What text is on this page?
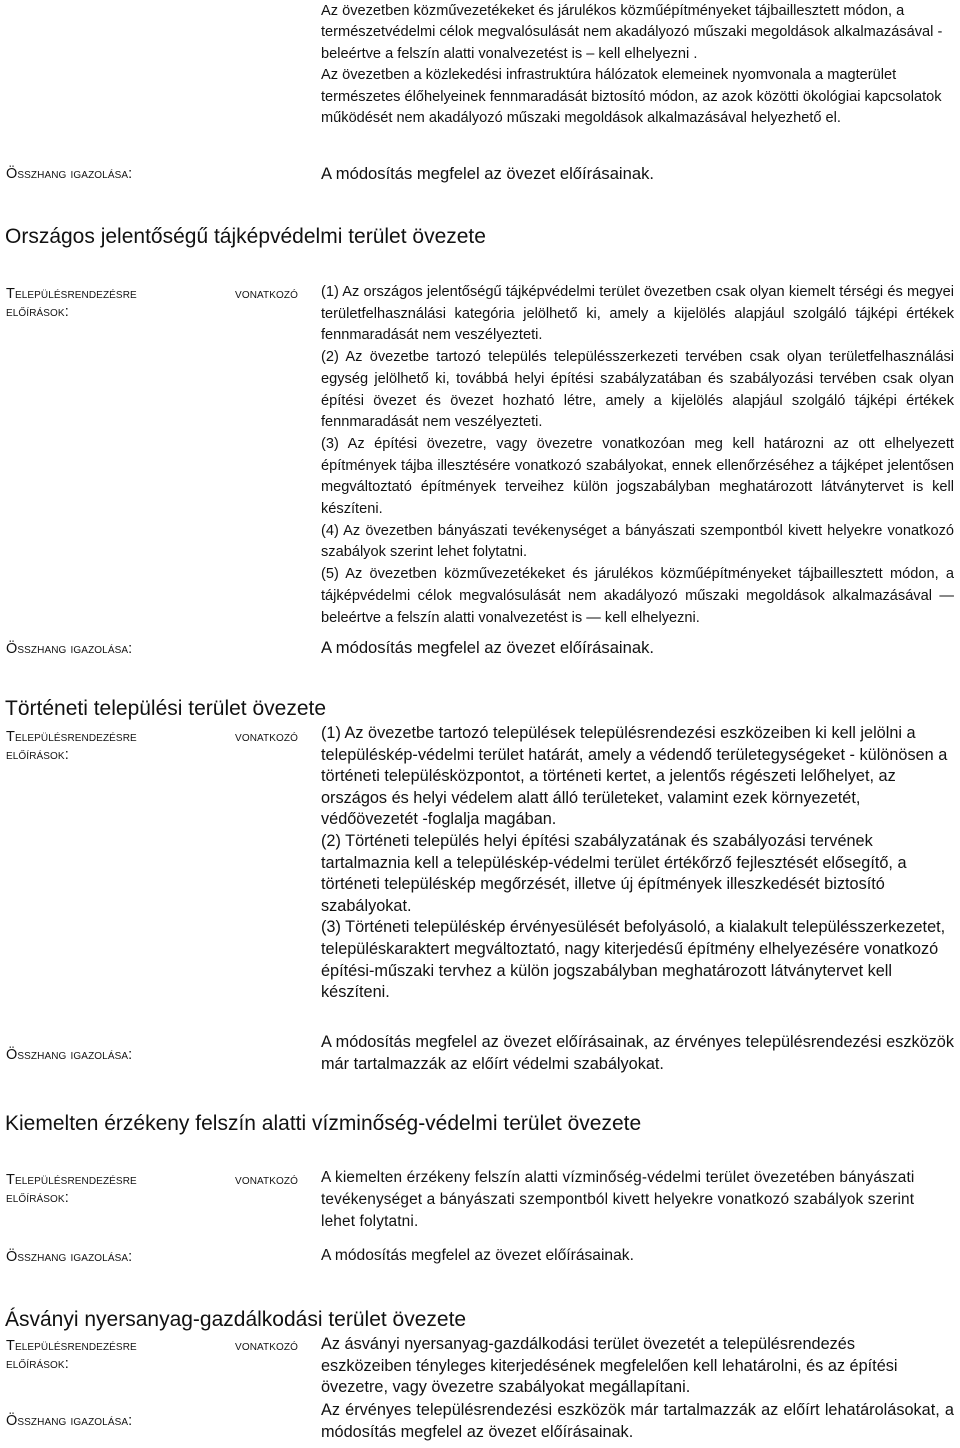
Az övezetben közművezetékeket és járulékos közműépítményeket tájbaillesztett módon, a természetvédelmi célok megvalósulását nem akadályozó műszaki megoldások alkalmazásával - beleértve a felszín alatti vonalvezetést is – kell elhelyezni .

Az övezetben a közlekedési infrastruktúra hálózatok elemeinek nyomvonala a magterület természetes élőhelyeinek fennmaradását biztosító módon, az azok közötti ökológiai kapcsolatok működését nem akadályozó műszaki megoldások alkalmazásával helyezhető el.

Összhang igazolása:	A módosítás megfelel az övezet előírásainak.
Országos jelentőségű tájképvédelmi terület övezete
Településrendezésre	vonatkozó
előírások:

(1) Az országos jelentőségű tájképvédelmi terület övezetben csak olyan kiemelt térségi és megyei területfelhasználási kategória jelölhető ki, amely a kijelölés alapjául szolgáló tájképi értékek fennmaradását nem veszélyezteti.

(2) Az övezetbe tartozó település településszerkezeti tervében csak olyan területfelhasználási egység jelölhető ki, továbbá helyi építési szabályzatában és szabályozási tervében csak olyan építési övezet és övezet hozható létre, amely a kijelölés alapjául szolgáló tájképi értékek fennmaradását nem veszélyezteti.

(3) Az építési övezetre, vagy övezetre vonatkozóan meg kell határozni az ott elhelyezett építmények tájba illesztésére vonatkozó szabályokat, ennek ellenőrzéséhez a tájképet jelentősen megváltoztató építmények terveihez külön jogszabályban meghatározott látványtervet is kell készíteni.

(4) Az övezetben bányászati tevékenységet a bányászati szempontból kivett helyekre vonatkozó szabályok szerint lehet folytatni.

(5) Az övezetben közművezetékeket és járulékos közműépítményeket tájbaillesztett módon, a tájképvédelmi célok megvalósulását nem akadályozó műszaki megoldások alkalmazásával — beleértve a felszín alatti vonalvezetést is — kell elhelyezni.

Összhang igazolása:	A módosítás megfelel az övezet előírásainak.
Történeti települési terület övezete
Településrendezésre	vonatkozó
előírások:

(1) Az övezetbe tartozó települések településrendezési eszközeiben ki kell jelölni a településkép-védelmi terület határát, amely a védendő területegységeket - különösen a történeti településközpontot, a történeti kertet, a jelentős régészeti lelőhelyet, az országos és helyi védelem alatt álló területeket, valamint ezek környezetét, védőövezetét -foglalja magában.

(2) Történeti település helyi építési szabályzatának és szabályozási tervének tartalmaznia kell a településkép-védelmi terület értékőrző fejlesztését elősegítő, a történeti településkép megőrzését, illetve új építmények illeszkedését biztosító szabályokat.

(3) Történeti településkép érvényesülését befolyásoló, a kialakult településszerkezetet, településkaraktert megváltoztató, nagy kiterjedésű építmény elhelyezésére vonatkozó építési-műszaki tervhez a külön jogszabályban meghatározott látványtervet kell készíteni.

Összhang igazolása:
A módosítás megfelel az övezet előírásainak, az érvényes településrendezési eszközök már tartalmazzák az előírt védelmi szabályokat.
Kiemelten érzékeny felszín alatti vízminőség-védelmi terület övezete
Településrendezésre	vonatkozó
előírások:

A kiemelten érzékeny felszín alatti vízminőség-védelmi terület övezetében bányászati tevékenységet a bányászati szempontból kivett helyekre vonatkozó szabályok szerint lehet folytatni.

Összhang igazolása:	A módosítás megfelel az övezet előírásainak.
Ásványi nyersanyag-gazdálkodási terület övezete
Településrendezésre	vonatkozó
előírások:

Az ásványi nyersanyag-gazdálkodási terület övezetét a településrendezés eszközeiben tényleges kiterjedésének megfelelően kell lehatárolni, és az építési övezetre, vagy övezetre szabályokat megállapítani.

Összhang igazolása:
Az érvényes településrendezési eszközök már tartalmazzák az előírt lehatárolásokat, a módosítás megfelel az övezet előírásainak.
